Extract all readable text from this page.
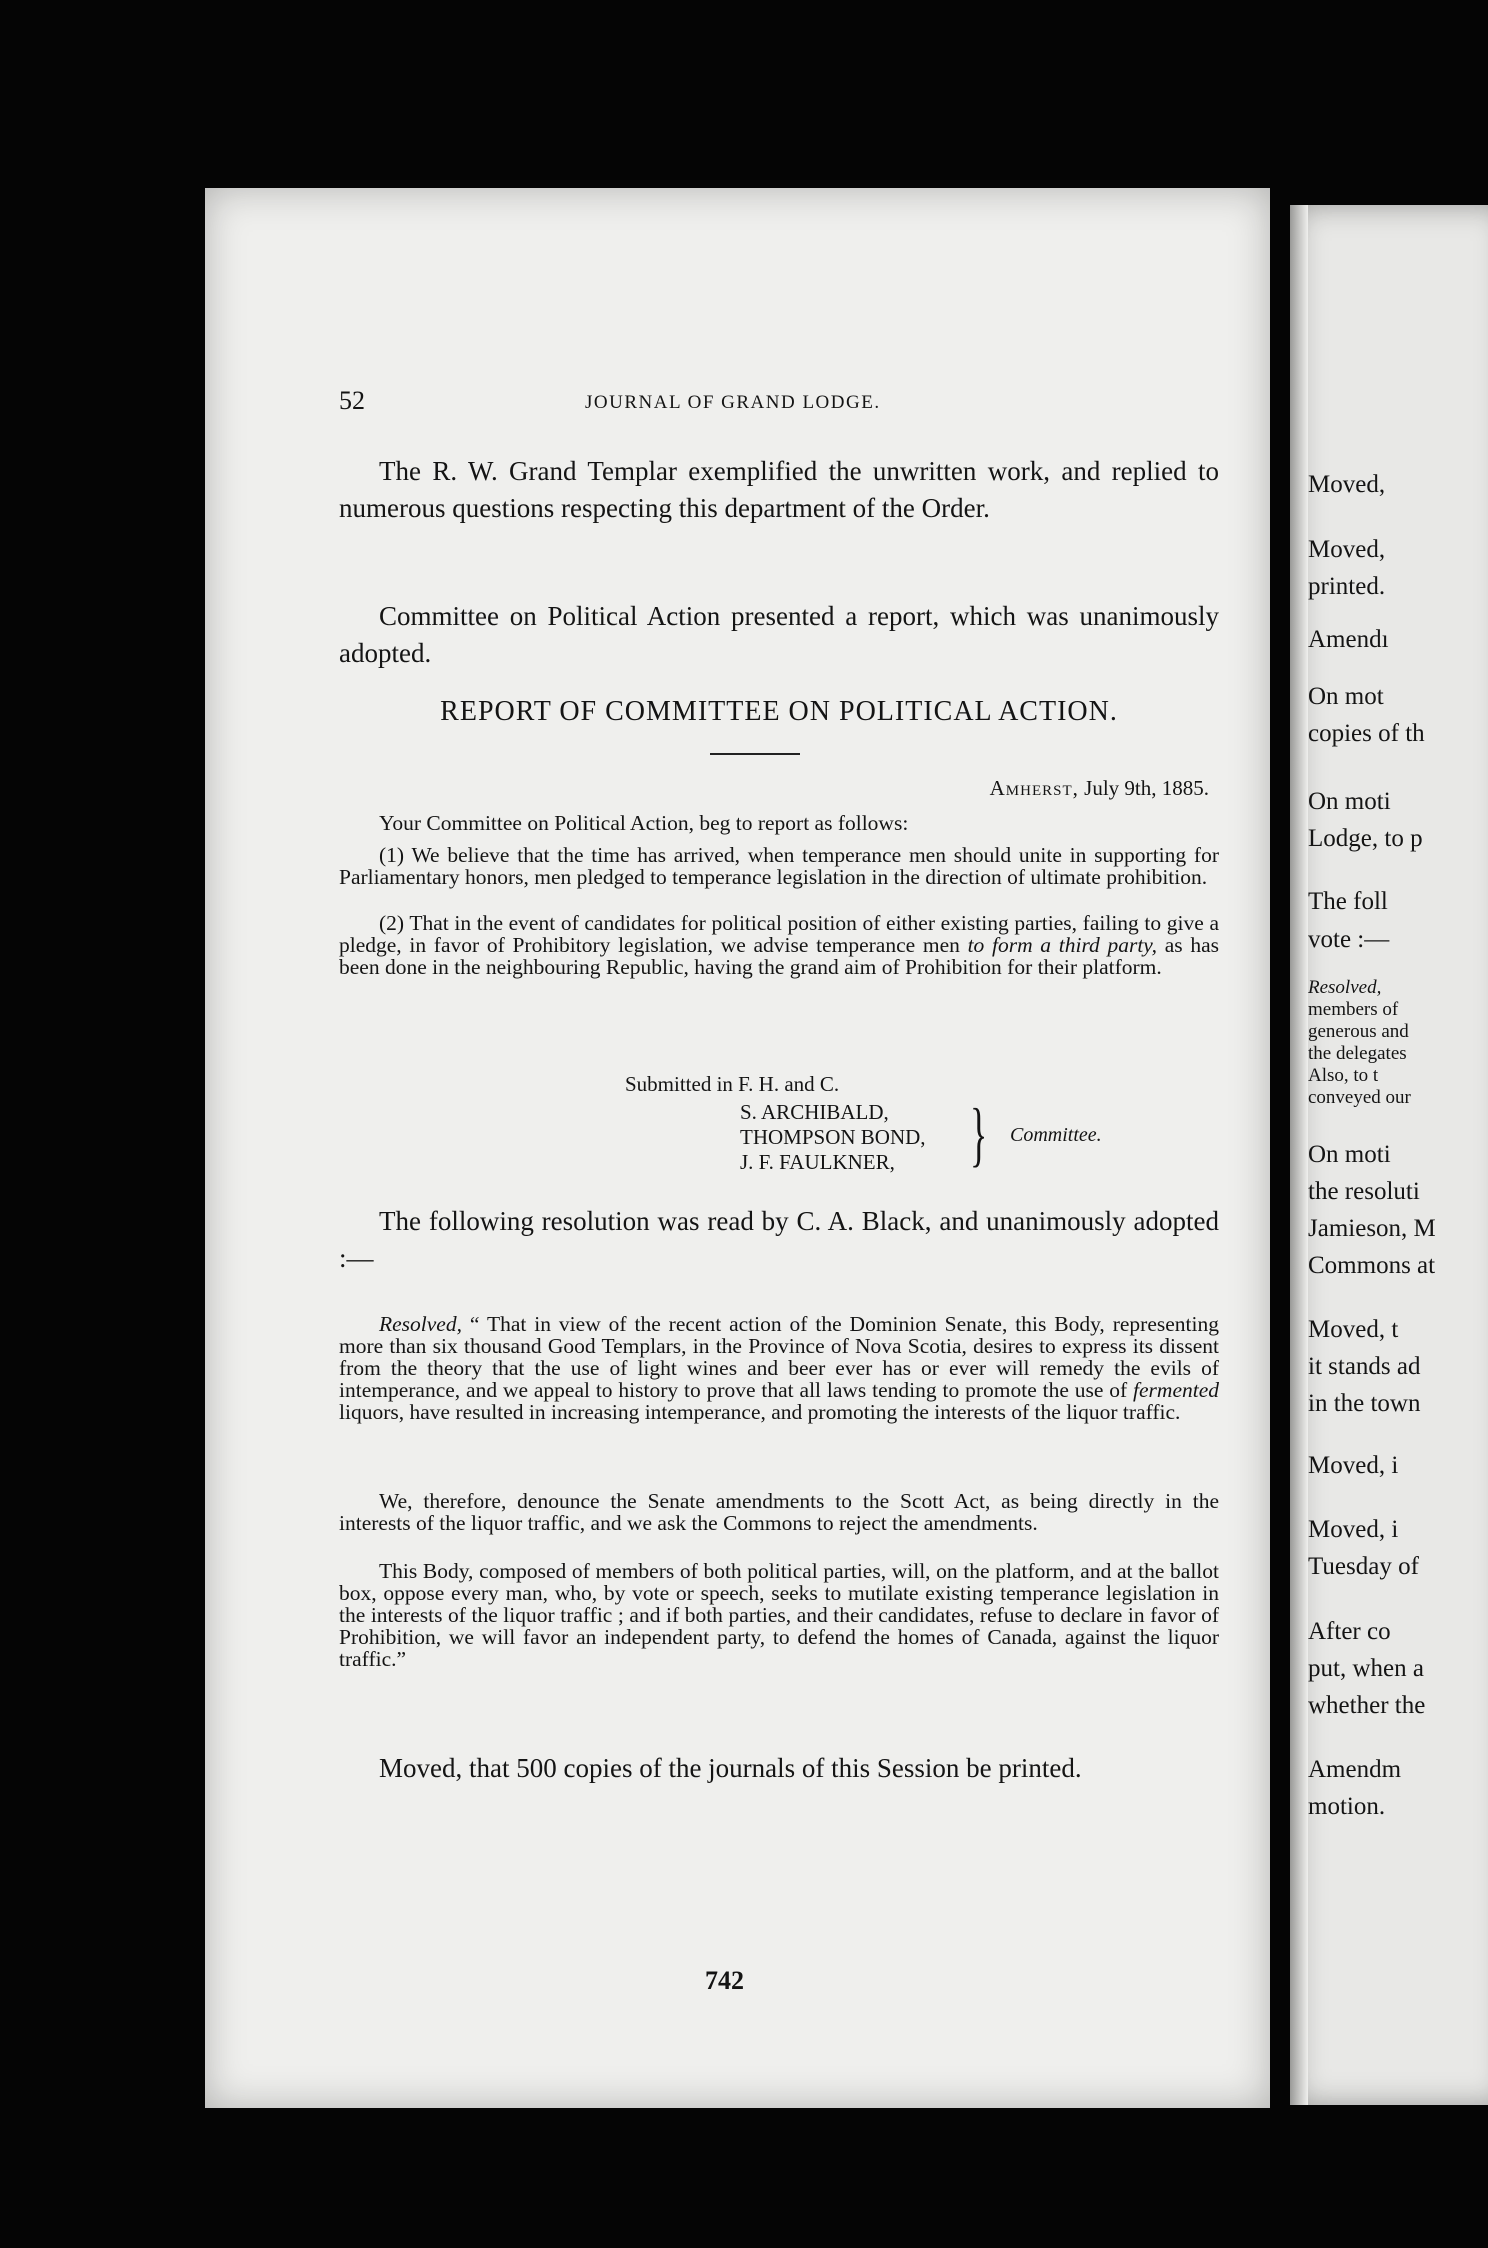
52	JOURNAL OF GRAND LODGE.

The R. W. Grand Templar exemplified the unwritten work, and replied to numerous questions respecting this department of the Order.

Committee on Political Action presented a report, which was unanimously adopted.

REPORT OF COMMITTEE ON POLITICAL ACTION.

Amherst, July 9th, 1885.

Your Committee on Political Action, beg to report as follows:

(1) We believe that the time has arrived, when temperance men should unite in supporting for Parliamentary honors, men pledged to temperance legislation in the direction of ultimate prohibition.

(2) That in the event of candidates for political position of either existing parties, failing to give a pledge, in favor of Prohibitory legislation, we advise temperance men to form a third party, as has been done in the neighbouring Republic, having the grand aim of Prohibition for their platform.

Submitted in F. H. and C.
S. ARCHIBALD,
THOMPSON BOND,
J. F. FAULKNER,	} Committee.

The following resolution was read by C. A. Black, and unanimously adopted :—

Resolved, “ That in view of the recent action of the Dominion Senate, this Body, representing more than six thousand Good Templars, in the Province of Nova Scotia, desires to express its dissent from the theory that the use of light wines and beer ever has or ever will remedy the evils of intemperance, and we appeal to history to prove that all laws tending to promote the use of fermented liquors, have resulted in increasing intemperance, and promoting the interests of the liquor traffic.

We, therefore, denounce the Senate amendments to the Scott Act, as being directly in the interests of the liquor traffic, and we ask the Commons to reject the amendments.

This Body, composed of members of both political parties, will, on the platform, and at the ballot box, oppose every man, who, by vote or speech, seeks to mutilate existing temperance legislation in the interests of the liquor traffic ; and if both parties, and their candidates, refuse to declare in favor of Prohibition, we will favor an independent party, to defend the homes of Canada, against the liquor traffic.”

Moved, that 500 copies of the journals of this Session be printed.

742
Moved,
Moved,
printed.
Amendı
On mot
copies of th
On moti
Lodge, to p
The foll
vote :—
Resolved,
members of
generous and
the delegates
Also, to t
conveyed our
On moti
the resoluti
Jamieson, M
Commons at
Moved, t
it stands ad
in the town
Moved, i
Moved, i
Tuesday of
After co
put, when a
whether the
Amendm
motion.
